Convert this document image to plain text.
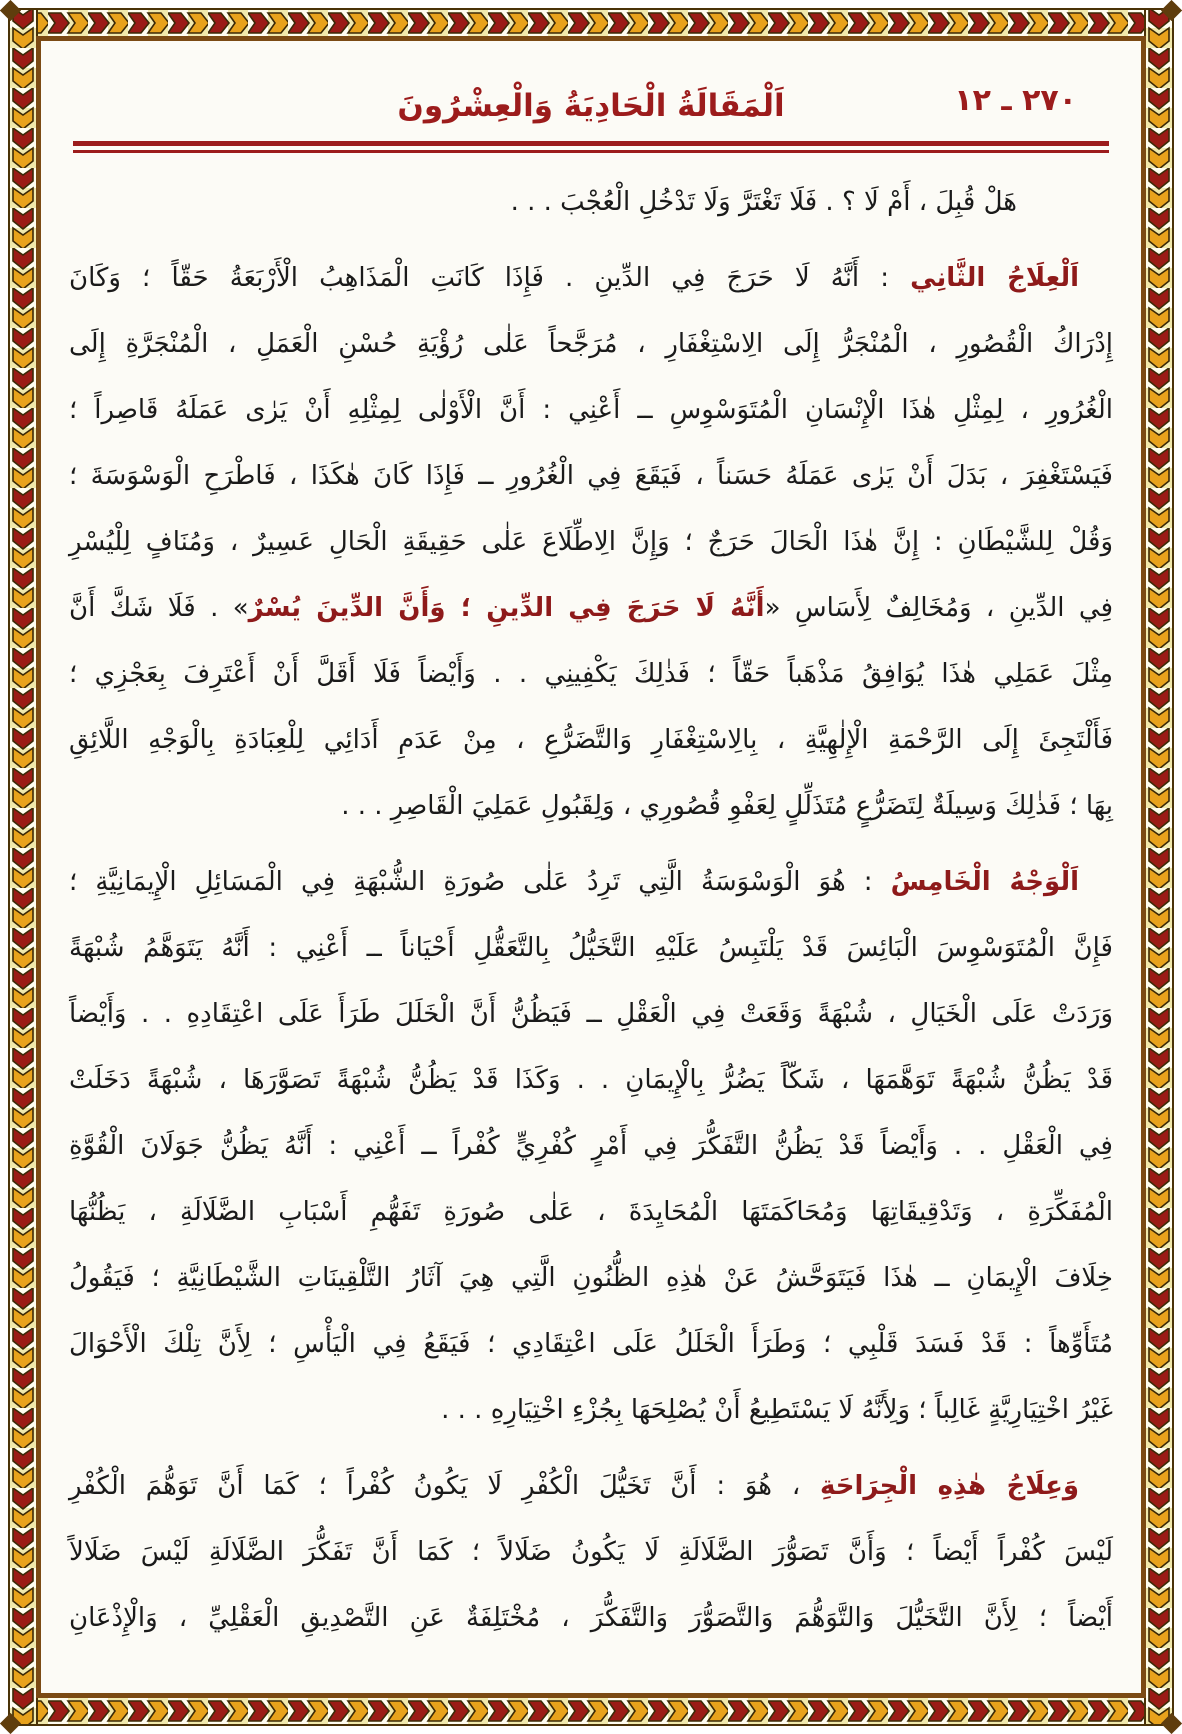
٢٧٠ ـ ١٢
اَلْمَقَالَةُ الْحَادِيَةُ وَالْعِشْرُونَ
هَلْ قُبِلَ ، أَمْ لَا ؟ . فَلَا تَغْتَرَّ وَلَا تَدْخُلِ الْعُجْبَ . . .
اَلْعِلَاجُ الثَّانِي : أَنَّهُ لَا حَرَجَ فِي الدِّينِ . فَإِذَا كَانَتِ الْمَذَاهِبُ الْأَرْبَعَةُ حَقّاً ؛ وَكَانَ
إِدْرَاكُ الْقُصُورِ ، الْمُنْجَرُّ إِلَى الِاسْتِغْفَارِ ، مُرَجَّحاً عَلٰى رُؤْيَةِ حُسْنِ الْعَمَلِ ، الْمُنْجَرَّةِ إِلَى
الْغُرُورِ ، لِمِثْلِ هٰذَا الْإِنْسَانِ الْمُتَوَسْوِسِ ــ أَعْنِي : أَنَّ الْأَوْلٰى لِمِثْلِهِ أَنْ يَرٰى عَمَلَهُ قَاصِراً ؛
فَيَسْتَغْفِرَ ، بَدَلَ أَنْ يَرٰى عَمَلَهُ حَسَناً ، فَيَقَعَ فِي الْغُرُورِ ــ فَإِذَا كَانَ هٰكَذَا ، فَاطْرَحِ الْوَسْوَسَةَ ؛
وَقُلْ لِلشَّيْطَانِ : إِنَّ هٰذَا الْحَالَ حَرَجٌ ؛ وَإِنَّ الِاطِّلَاعَ عَلٰى حَقِيقَةِ الْحَالِ عَسِيرٌ ، وَمُنَافٍ لِلْيُسْرِ
فِي الدِّينِ ، وَمُخَالِفٌ لِأَسَاسِ «أَنَّهُ لَا حَرَجَ فِي الدِّينِ ؛ وَأَنَّ الدِّينَ يُسْرٌ» . فَلَا شَكَّ أَنَّ
مِثْلَ عَمَلِي هٰذَا يُوَافِقُ مَذْهَباً حَقّاً ؛ فَذٰلِكَ يَكْفِينِي . . وَأَيْضاً فَلَا أَقَلَّ أَنْ أَعْتَرِفَ بِعَجْزِي ؛
فَأَلْتَجِئَ إِلَى الرَّحْمَةِ الْإِلٰهِيَّةِ ، بِالِاسْتِغْفَارِ وَالتَّضَرُّعِ ، مِنْ عَدَمِ أَدَائِي لِلْعِبَادَةِ بِالْوَجْهِ اللَّائِقِ
بِهَا ؛ فَذٰلِكَ وَسِيلَةٌ لِتَضَرُّعٍ مُتَذَلِّلٍ لِعَفْوِ قُصُورِي ، وَلِقَبُولِ عَمَلِيَ الْقَاصِرِ . . .
اَلْوَجْهُ الْخَامِسُ : هُوَ الْوَسْوَسَةُ الَّتِي تَرِدُ عَلٰى صُورَةِ الشُّبْهَةِ فِي الْمَسَائِلِ الْإِيمَانِيَّةِ ؛
فَإِنَّ الْمُتَوَسْوِسَ الْبَائِسَ قَدْ يَلْتَبِسُ عَلَيْهِ التَّخَيُّلُ بِالتَّعَقُّلِ أَحْيَاناً ــ أَعْنِي : أَنَّهُ يَتَوَهَّمُ شُبْهَةً
وَرَدَتْ عَلَى الْخَيَالِ ، شُبْهَةً وَقَعَتْ فِي الْعَقْلِ ــ فَيَظُنُّ أَنَّ الْخَلَلَ طَرَأَ عَلَى اعْتِقَادِهِ . . وَأَيْضاً
قَدْ يَظُنُّ شُبْهَةً تَوَهَّمَهَا ، شَكّاً يَضُرُّ بِالْإِيمَانِ . . وَكَذَا قَدْ يَظُنُّ شُبْهَةً تَصَوَّرَهَا ، شُبْهَةً دَخَلَتْ
فِي الْعَقْلِ . . وَأَيْضاً قَدْ يَظُنُّ التَّفَكُّرَ فِي أَمْرٍ كُفْرِيٍّ كُفْراً ــ أَعْنِي : أَنَّهُ يَظُنُّ جَوَلَانَ الْقُوَّةِ
الْمُفَكِّرَةِ ، وَتَدْقِيقَاتِهَا وَمُحَاكَمَتَهَا الْمُحَايِدَةَ ، عَلٰى صُورَةِ تَفَهُّمِ أَسْبَابِ الضَّلَالَةِ ، يَظُنُّهَا
خِلَافَ الْإِيمَانِ ــ هٰذَا فَيَتَوَحَّشُ عَنْ هٰذِهِ الظُّنُونِ الَّتِي هِيَ آثَارُ التَّلْقِينَاتِ الشَّيْطَانِيَّةِ ؛ فَيَقُولُ
مُتَأَوِّهاً : قَدْ فَسَدَ قَلْبِي ؛ وَطَرَأَ الْخَلَلُ عَلَى اعْتِقَادِي ؛ فَيَقَعُ فِي الْيَأْسِ ؛ لِأَنَّ تِلْكَ الْأَحْوَالَ
غَيْرُ اخْتِيَارِيَّةٍ غَالِباً ؛ وَلِأَنَّهُ لَا يَسْتَطِيعُ أَنْ يُصْلِحَهَا بِجُزْءِ اخْتِيَارِهِ . . .
وَعِلَاجُ هٰذِهِ الْجِرَاحَةِ ، هُوَ : أَنَّ تَخَيُّلَ الْكُفْرِ لَا يَكُونُ كُفْراً ؛ كَمَا أَنَّ تَوَهُّمَ الْكُفْرِ
لَيْسَ كُفْراً أَيْضاً ؛ وَأَنَّ تَصَوُّرَ الضَّلَالَةِ لَا يَكُونُ ضَلَالاً ؛ كَمَا أَنَّ تَفَكُّرَ الضَّلَالَةِ لَيْسَ ضَلَالاً
أَيْضاً ؛ لِأَنَّ التَّخَيُّلَ وَالتَّوَهُّمَ وَالتَّصَوُّرَ وَالتَّفَكُّرَ ، مُخْتَلِفَةٌ عَنِ التَّصْدِيقِ الْعَقْلِيِّ ، وَالْإِذْعَانِ
